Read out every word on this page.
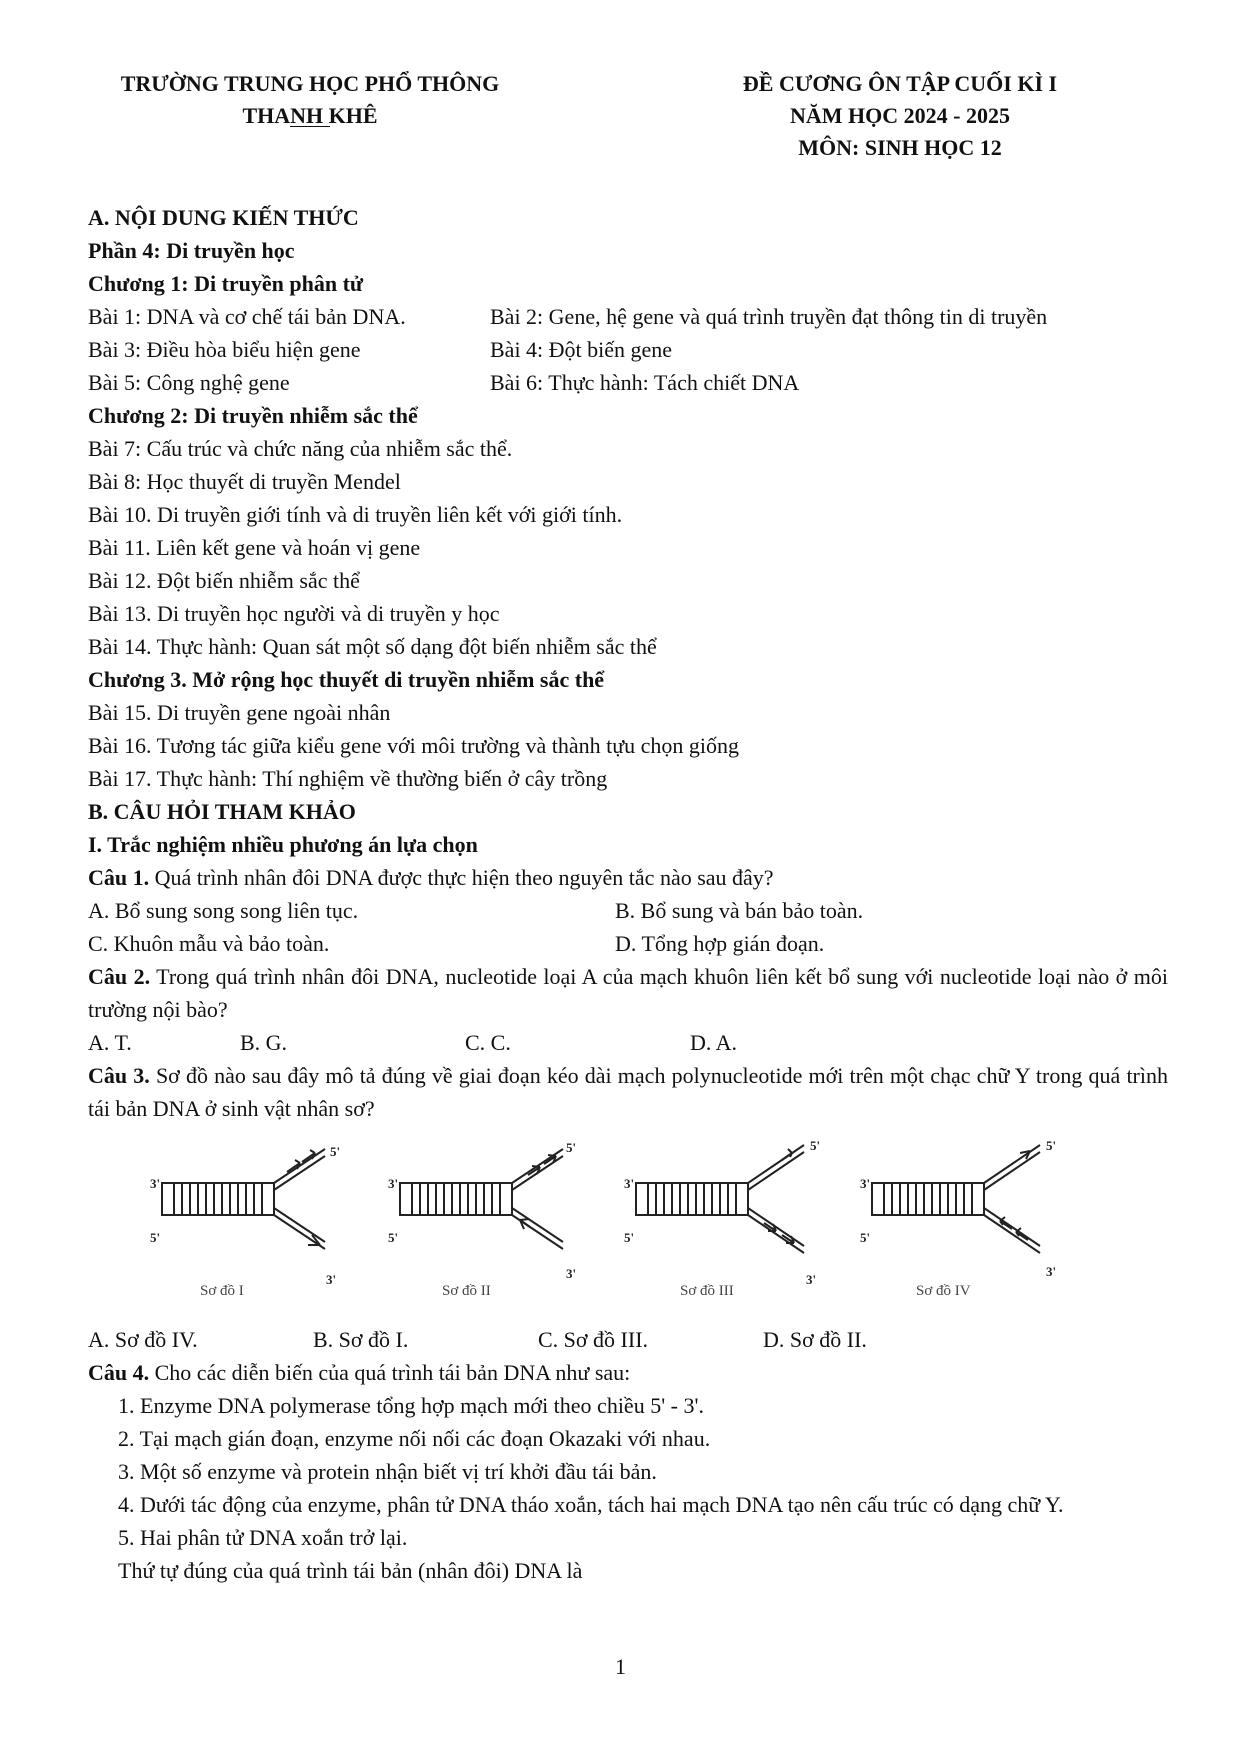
TRƯỜNG TRUNG HỌC PHỔ THÔNG
THANH KHÊ
ĐỀ CƯƠNG ÔN TẬP CUỐI KÌ I
NĂM HỌC 2024 - 2025
MÔN: SINH HỌC 12
A. NỘI DUNG KIẾN THỨC
Phần 4: Di truyền học
Chương 1: Di truyền phân tử
Bài 1: DNA và cơ chế tái bản DNA.	Bài 2: Gene, hệ gene và quá trình truyền đạt thông tin di truyền
Bài 3: Điều hòa biểu hiện gene	Bài 4: Đột biến gene
Bài 5: Công nghệ gene	Bài 6: Thực hành: Tách chiết DNA
Chương 2: Di truyền nhiễm sắc thể
Bài 7: Cấu trúc và chức năng của nhiễm sắc thể.
Bài 8: Học thuyết di truyền Mendel
Bài 10. Di truyền giới tính và di truyền liên kết với giới tính.
Bài 11. Liên kết gene và hoán vị gene
Bài 12. Đột biến nhiễm sắc thể
Bài 13. Di truyền học người và di truyền y học
Bài 14. Thực hành: Quan sát một số dạng đột biến nhiễm sắc thể
Chương 3. Mở rộng học thuyết di truyền nhiễm sắc thể
Bài 15. Di truyền gene ngoài nhân
Bài 16. Tương tác giữa kiểu gene với môi trường và thành tựu chọn giống
Bài 17. Thực hành: Thí nghiệm về thường biến ở cây trồng
B. CÂU HỎI THAM KHẢO
I. Trắc nghiệm nhiều phương án lựa chọn
Câu 1. Quá trình nhân đôi DNA được thực hiện theo nguyên tắc nào sau đây?
A. Bổ sung song song liên tục.	B. Bổ sung và bán bảo toàn.
C. Khuôn mẫu và bảo toàn.	D. Tổng hợp gián đoạn.
Câu 2. Trong quá trình nhân đôi DNA, nucleotide loại A của mạch khuôn liên kết bổ sung với nucleotide loại nào ở môi trường nội bào?
A. T.	B. G.	C. C.	D. A.
Câu 3. Sơ đồ nào sau đây mô tả đúng về giai đoạn kéo dài mạch polynucleotide mới trên một chạc chữ Y trong quá trình tái bản DNA ở sinh vật nhân sơ?
5'
3'
5'
3'
Sơ đồ I
5'
3'
5'
3'
Sơ đồ II
5'
3'
5'
3'
Sơ đồ III
5'
3'
5'
3'
Sơ đồ IV
A. Sơ đồ IV.	B. Sơ đồ I.	C. Sơ đồ III.	D. Sơ đồ II.
Câu 4. Cho các diễn biến của quá trình tái bản DNA như sau:
1. Enzyme DNA polymerase tổng hợp mạch mới theo chiều 5' - 3'.
2. Tại mạch gián đoạn, enzyme nối nối các đoạn Okazaki với nhau.
3. Một số enzyme và protein nhận biết vị trí khởi đầu tái bản.
4. Dưới tác động của enzyme, phân tử DNA tháo xoắn, tách hai mạch DNA tạo nên cấu trúc có dạng chữ Y.
5. Hai phân tử DNA xoắn trở lại.
Thứ tự đúng của quá trình tái bản (nhân đôi) DNA là
1
